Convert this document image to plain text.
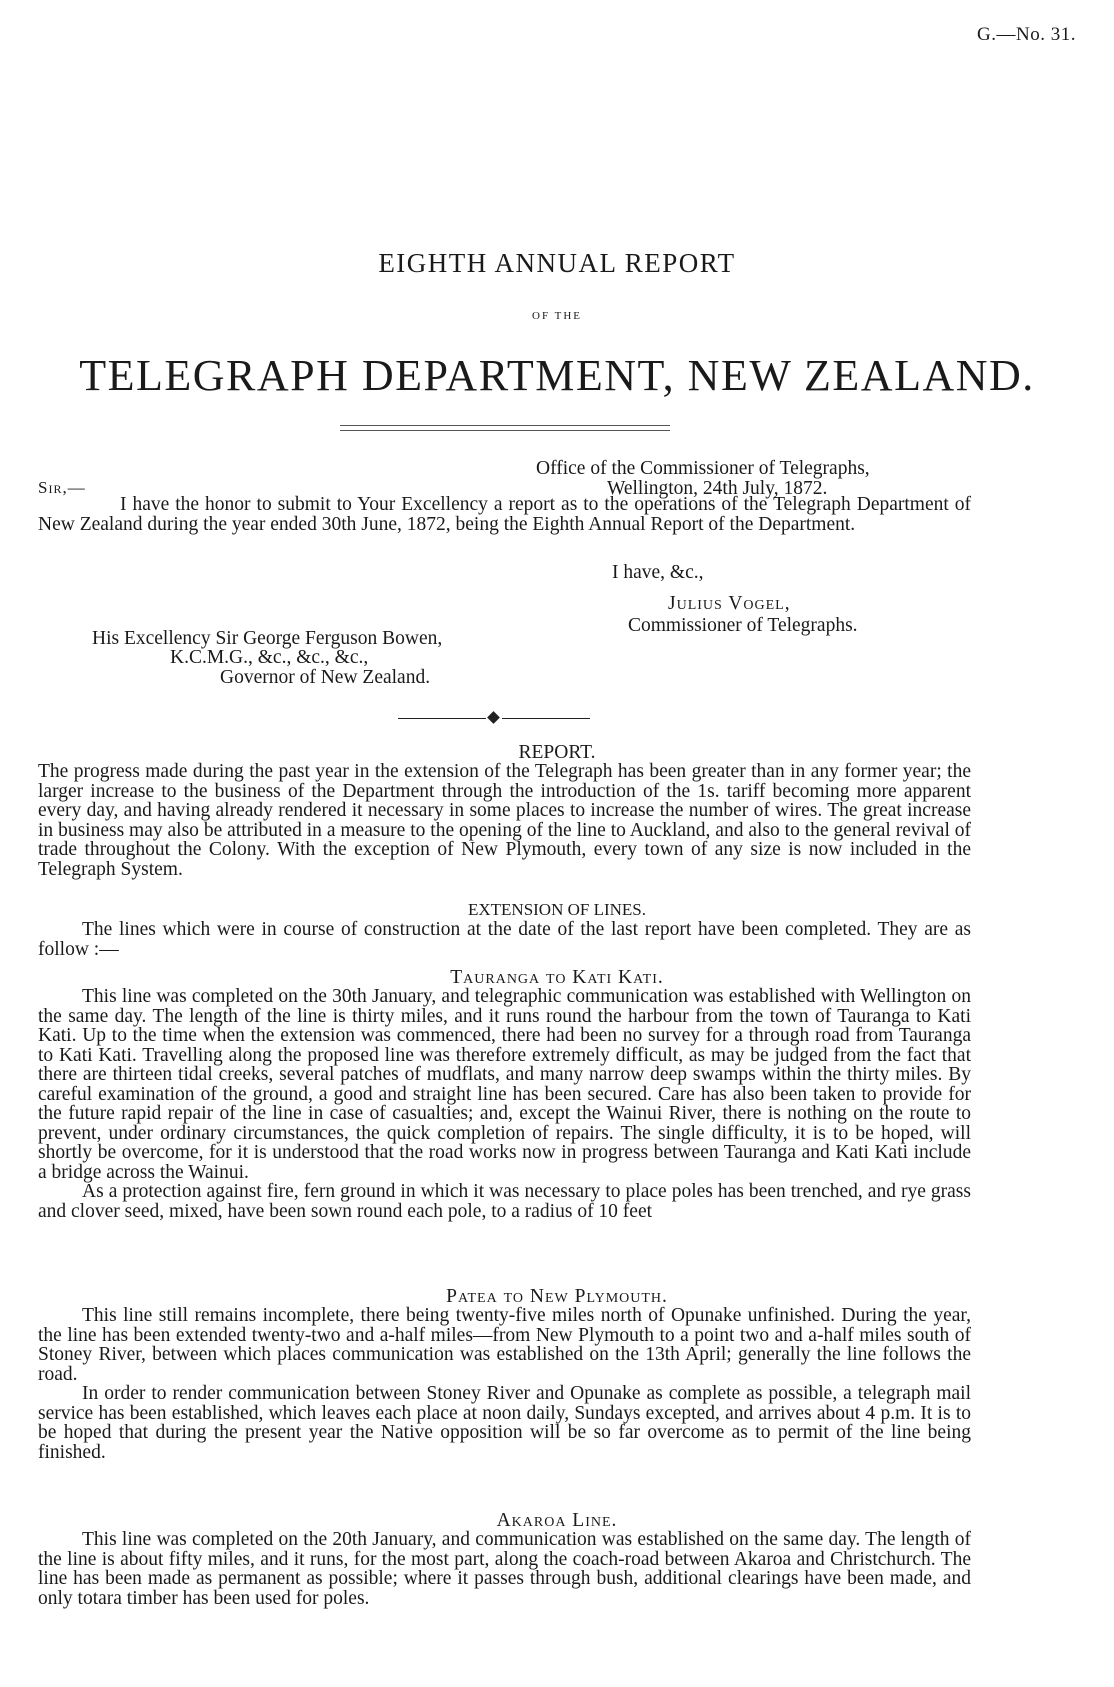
G.—No. 31.
EIGHTH ANNUAL REPORT
OF THE
TELEGRAPH DEPARTMENT, NEW ZEALAND.
Office of the Commissioner of Telegraphs,
Sir,—	Wellington, 24th July, 1872.

I have the honor to submit to Your Excellency a report as to the operations of the Telegraph Department of New Zealand during the year ended 30th June, 1872, being the Eighth Annual Report of the Department.

I have, &c.,
Julius Vogel,
Commissioner of Telegraphs.
His Excellency Sir George Ferguson Bowen,
K.C.M.G., &c., &c., &c.,
Governor of New Zealand.
REPORT.

The progress made during the past year in the extension of the Telegraph has been greater than in any former year; the larger increase to the business of the Department through the introduction of the 1s. tariff becoming more apparent every day, and having already rendered it necessary in some places to increase the number of wires. The great increase in business may also be attributed in a measure to the opening of the line to Auckland, and also to the general revival of trade throughout the Colony. With the exception of New Plymouth, every town of any size is now included in the Telegraph System.

EXTENSION OF LINES.

The lines which were in course of construction at the date of the last report have been completed. They are as follow :—

Tauranga to Kati Kati.

This line was completed on the 30th January, and telegraphic communication was established with Wellington on the same day. The length of the line is thirty miles, and it runs round the harbour from the town of Tauranga to Kati Kati. Up to the time when the extension was commenced, there had been no survey for a through road from Tauranga to Kati Kati. Travelling along the proposed line was therefore extremely difficult, as may be judged from the fact that there are thirteen tidal creeks, several patches of mudflats, and many narrow deep swamps within the thirty miles. By careful examination of the ground, a good and straight line has been secured. Care has also been taken to provide for the future rapid repair of the line in case of casualties; and, except the Wainui River, there is nothing on the route to prevent, under ordinary circumstances, the quick completion of repairs. The single difficulty, it is to be hoped, will shortly be overcome, for it is understood that the road works now in progress between Tauranga and Kati Kati include a bridge across the Wainui.

As a protection against fire, fern ground in which it was necessary to place poles has been trenched, and rye grass and clover seed, mixed, have been sown round each pole, to a radius of 10 feet

Patea to New Plymouth.

This line still remains incomplete, there being twenty-five miles north of Opunake unfinished. During the year, the line has been extended twenty-two and a-half miles—from New Plymouth to a point two and a-half miles south of Stoney River, between which places communication was established on the 13th April; generally the line follows the road.

In order to render communication between Stoney River and Opunake as complete as possible, a telegraph mail service has been established, which leaves each place at noon daily, Sundays excepted, and arrives about 4 p.m. It is to be hoped that during the present year the Native opposition will be so far overcome as to permit of the line being finished.

Akaroa Line.

This line was completed on the 20th January, and communication was established on the same day. The length of the line is about fifty miles, and it runs, for the most part, along the coach-road between Akaroa and Christchurch. The line has been made as permanent as possible; where it passes through bush, additional clearings have been made, and only totara timber has been used for poles.
